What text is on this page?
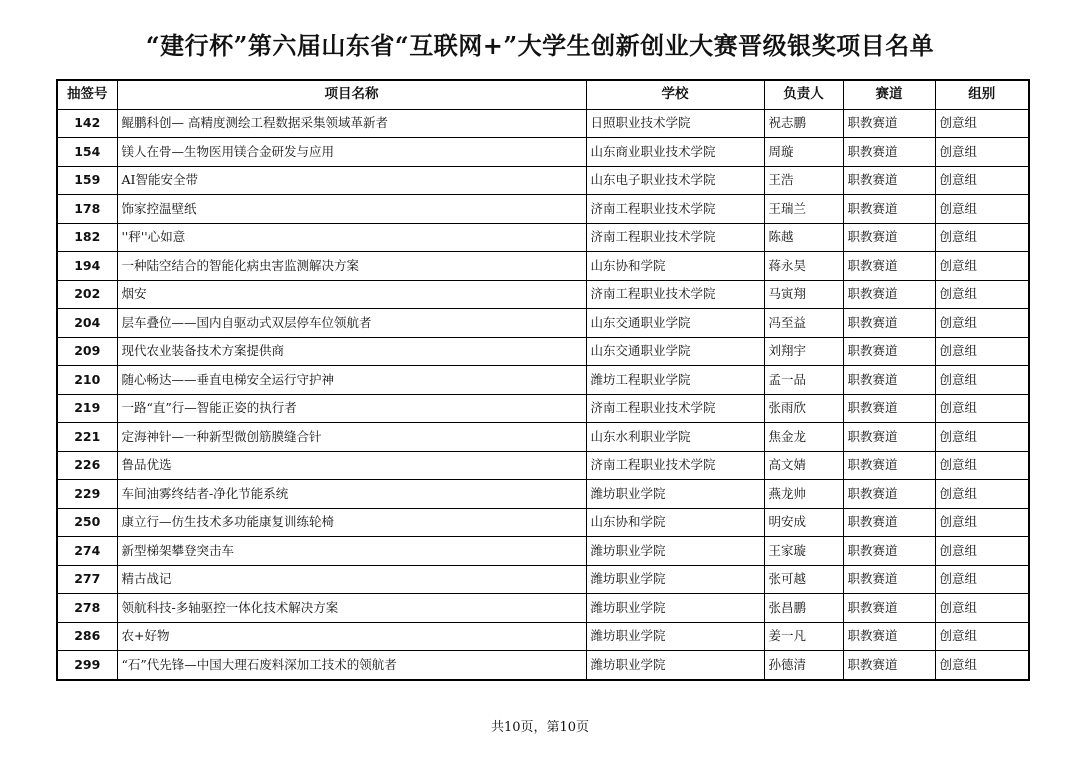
“建行杯”第六届山东省“互联网+”大学生创新创业大赛晋级银奖项目名单
抽签号	项目名称	学校	负责人	赛道	组别
142	鲲鹏科创— 高精度测绘工程数据采集领域革新者	日照职业技术学院	祝志鹏	职教赛道	创意组
154	镁人在骨—生物医用镁合金研发与应用	山东商业职业技术学院	周璇	职教赛道	创意组
159	AI智能安全带	山东电子职业技术学院	王浩	职教赛道	创意组
178	饰家控温壁纸	济南工程职业技术学院	王瑞兰	职教赛道	创意组
182	''秤''心如意	济南工程职业技术学院	陈越	职教赛道	创意组
194	一种陆空结合的智能化病虫害监测解决方案	山东协和学院	蒋永昊	职教赛道	创意组
202	烟安	济南工程职业技术学院	马寅翔	职教赛道	创意组
204	层车叠位——国内自驱动式双层停车位领航者	山东交通职业学院	冯至益	职教赛道	创意组
209	现代农业装备技术方案提供商	山东交通职业学院	刘翔宇	职教赛道	创意组
210	随心畅达——垂直电梯安全运行守护神	潍坊工程职业学院	孟一品	职教赛道	创意组
219	一路“直”行—智能正姿的执行者	济南工程职业技术学院	张雨欣	职教赛道	创意组
221	定海神针—一种新型微创筋膜缝合针	山东水利职业学院	焦金龙	职教赛道	创意组
226	鲁品优选	济南工程职业技术学院	高文婧	职教赛道	创意组
229	车间油雾终结者-净化节能系统	潍坊职业学院	燕龙帅	职教赛道	创意组
250	康立行—仿生技术多功能康复训练轮椅	山东协和学院	明安成	职教赛道	创意组
274	新型梯架攀登突击车	潍坊职业学院	王家璇	职教赛道	创意组
277	精古战记	潍坊职业学院	张可越	职教赛道	创意组
278	领航科技-多轴驱控一体化技术解决方案	潍坊职业学院	张昌鹏	职教赛道	创意组
286	农+好物	潍坊职业学院	姜一凡	职教赛道	创意组
299	“石”代先锋—中国大理石废料深加工技术的领航者	潍坊职业学院	孙德清	职教赛道	创意组
共10页，第10页
